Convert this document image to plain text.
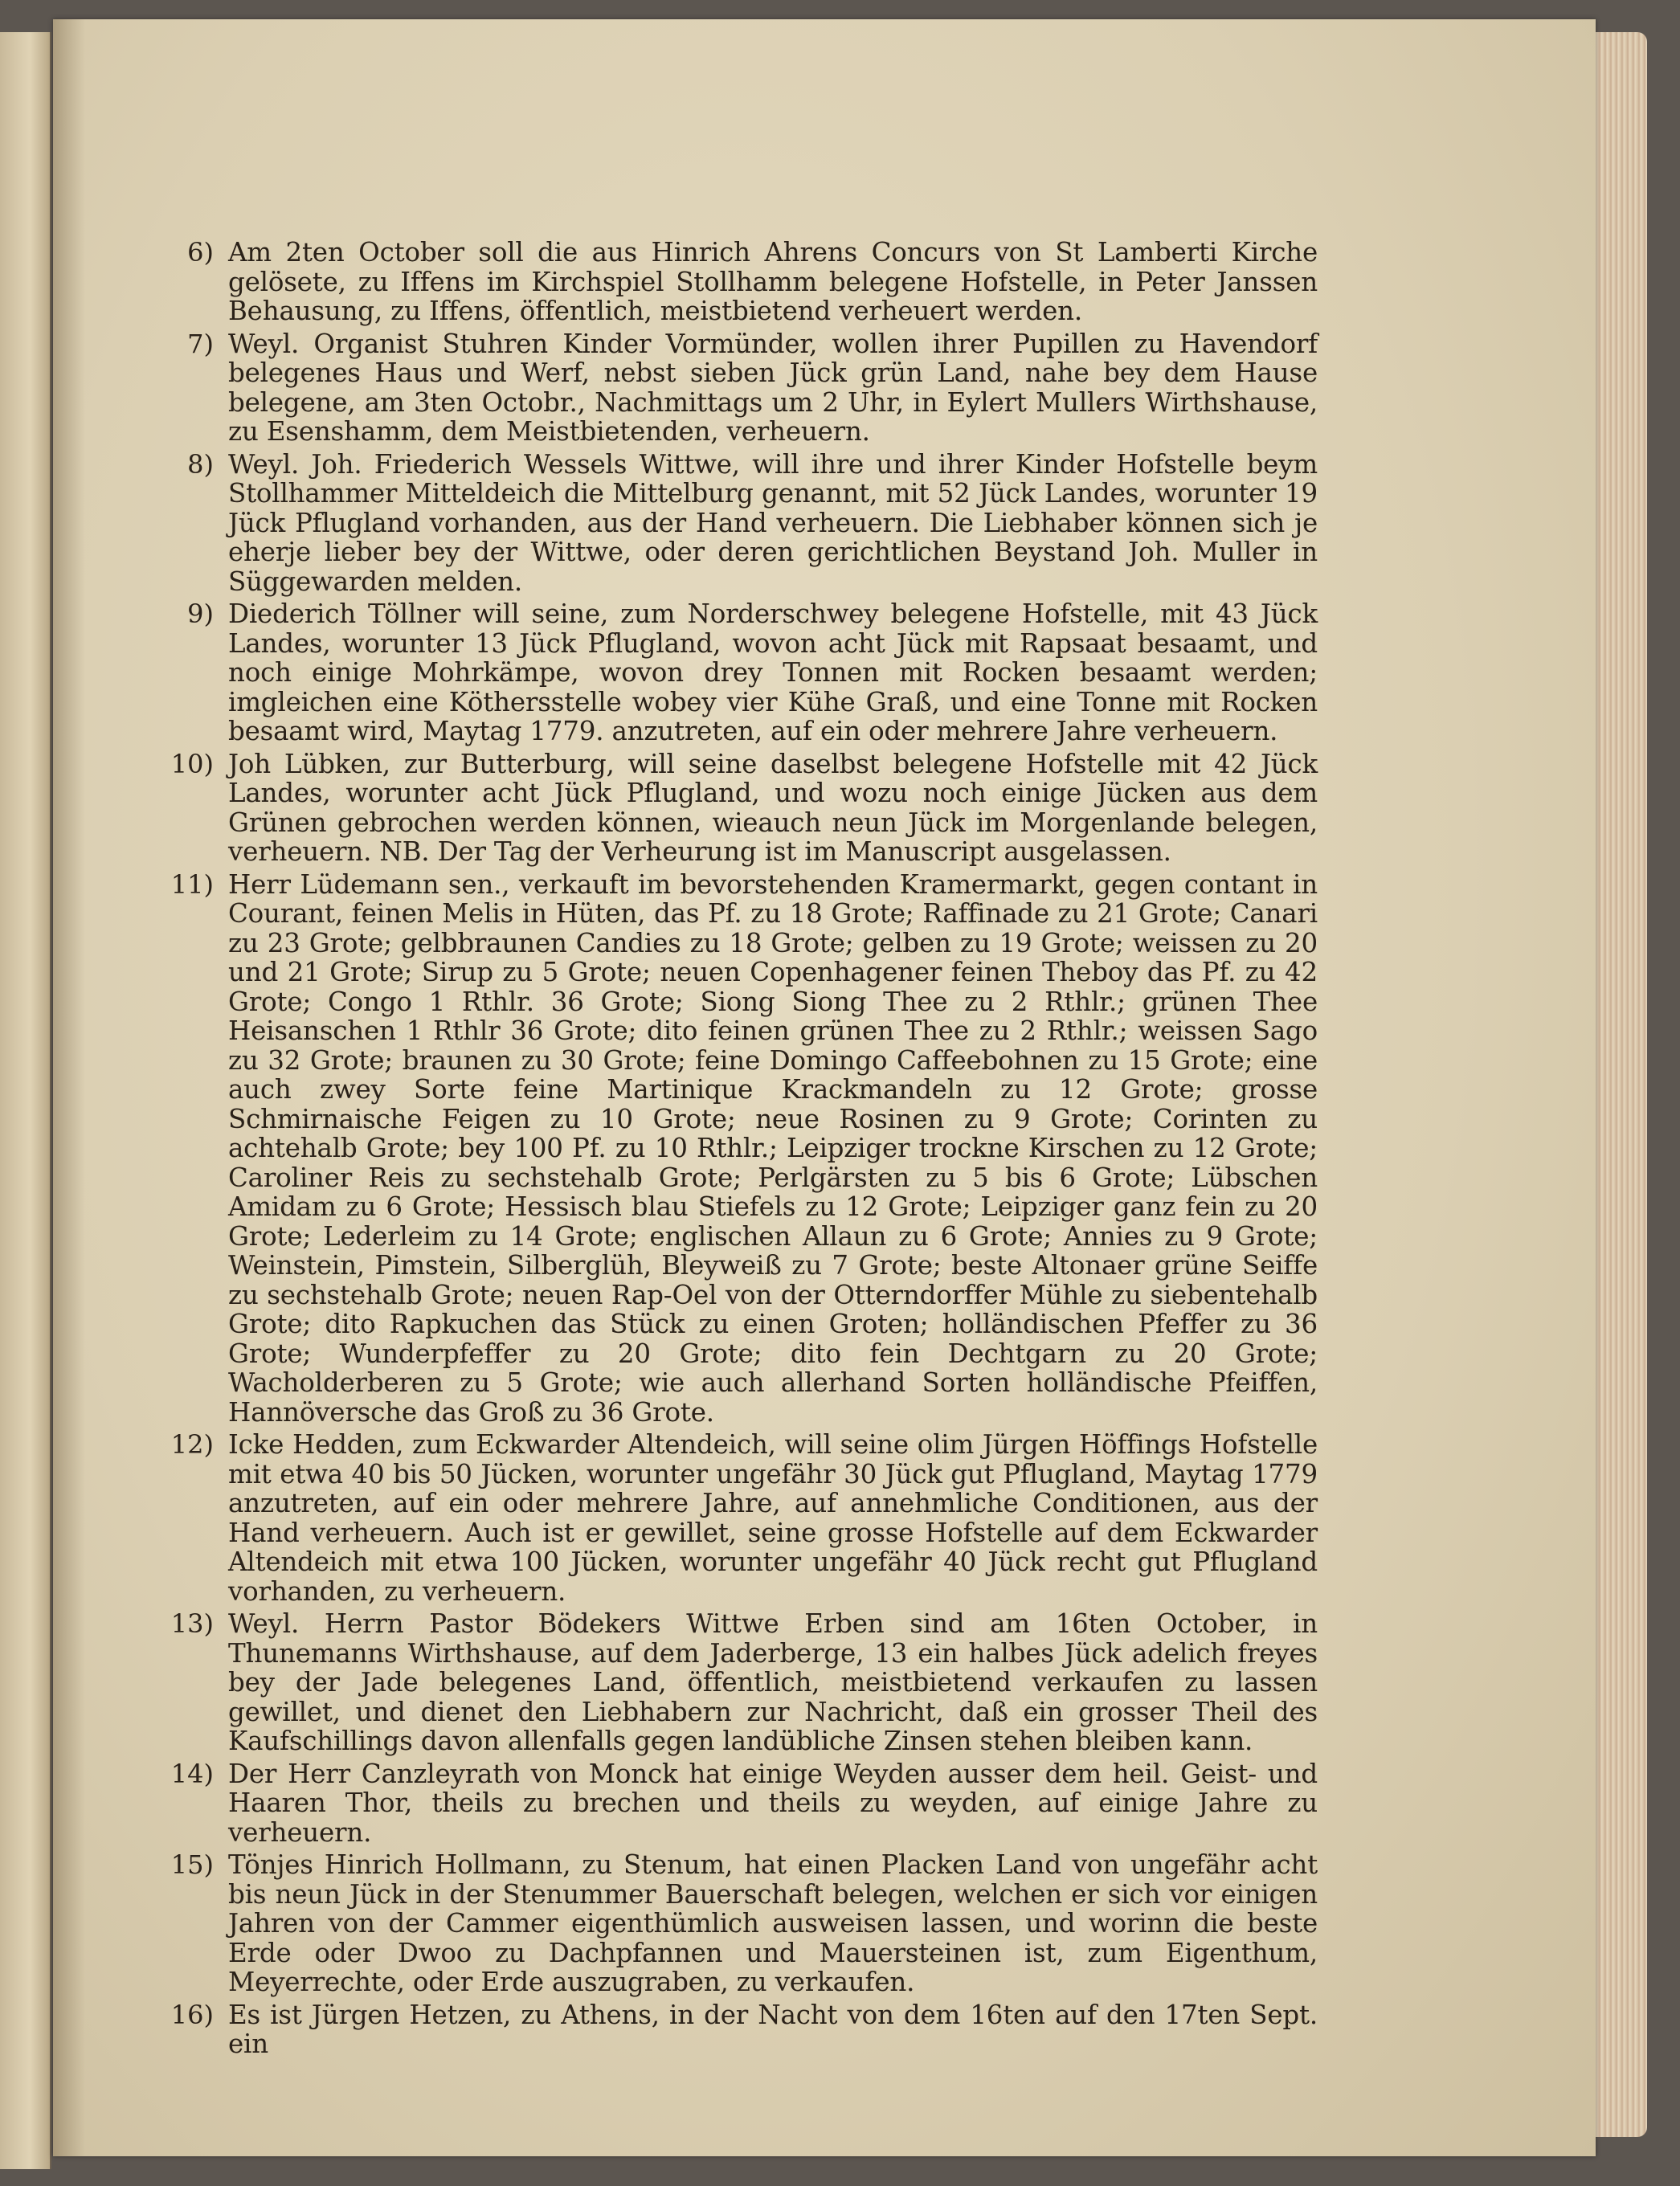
6) Am 2ten October soll die aus Hinrich Ahrens Concurs von St Lamberti Kirche gelösete, zu Iffens im Kirchspiel Stollhamm belegene Hofstelle, in Peter Janssen Behausung, zu Iffens, öffentlich, meistbietend verheuert werden.
7) Weyl. Organist Stuhren Kinder Vormünder, wollen ihrer Pupillen zu Havendorf belegenes Haus und Werf, nebst sieben Jück grün Land, nahe bey dem Hause belegene, am 3ten Octobr., Nachmittags um 2 Uhr, in Eylert Mullers Wirthshause, zu Esenshamm, dem Meistbietenden, verheuern.
8) Weyl. Joh. Friederich Wessels Wittwe, will ihre und ihrer Kinder Hofstelle beym Stollhammer Mitteldeich die Mittelburg genannt, mit 52 Jück Landes, worunter 19 Jück Pflugland vorhanden, aus der Hand verheuern. Die Liebhaber können sich je eherje lieber bey der Wittwe, oder deren gerichtlichen Beystand Joh. Muller in Süggewarden melden.
9) Diederich Töllner will seine, zum Norderschwey belegene Hofstelle, mit 43 Jück Landes, worunter 13 Jück Pflugland, wovon acht Jück mit Rapsaat besaamt, und noch einige Mohrkämpe, wovon drey Tonnen mit Rocken besaamt werden; imgleichen eine Köthersstelle wobey vier Kühe Graß, und eine Tonne mit Rocken besaamt wird, Maytag 1779. anzutreten, auf ein oder mehrere Jahre verheuern.
10) Joh Lübken, zur Butterburg, will seine daselbst belegene Hofstelle mit 42 Jück Landes, worunter acht Jück Pflugland, und wozu noch einige Jücken aus dem Grünen gebrochen werden können, wieauch neun Jück im Morgenlande belegen, verheuern. NB. Der Tag der Verheurung ist im Manuscript ausgelassen.
11) Herr Lüdemann sen., verkauft im bevorstehenden Kramermarkt, gegen contant in Courant, feinen Melis in Hüten, das Pf. zu 18 Grote; Raffinade zu 21 Grote; Canari zu 23 Grote; gelbbraunen Candies zu 18 Grote; gelben zu 19 Grote; weissen zu 20 und 21 Grote; Sirup zu 5 Grote; neuen Copenhagener feinen Theboy das Pf. zu 42 Grote; Congo 1 Rthlr. 36 Grote; Siong Siong Thee zu 2 Rthlr.; grünen Thee Heisanschen 1 Rthlr 36 Grote; dito feinen grünen Thee zu 2 Rthlr.; weissen Sago zu 32 Grote; braunen zu 30 Grote; feine Domingo Caffeebohnen zu 15 Grote; eine auch zwey Sorte feine Martinique Krackmandeln zu 12 Grote; grosse Schmirnaische Feigen zu 10 Grote; neue Rosinen zu 9 Grote; Corinten zu achtehalb Grote; bey 100 Pf. zu 10 Rthlr.; Leipziger trockne Kirschen zu 12 Grote; Caroliner Reis zu sechstehalb Grote; Perlgärsten zu 5 bis 6 Grote; Lübschen Amidam zu 6 Grote; Hessisch blau Stiefels zu 12 Grote; Leipziger ganz fein zu 20 Grote; Lederleim zu 14 Grote; englischen Allaun zu 6 Grote; Annies zu 9 Grote; Weinstein, Pimstein, Silberglüh, Bleyweiß zu 7 Grote; beste Altonaer grüne Seiffe zu sechstehalb Grote; neuen Rap-Oel von der Otterndorffer Mühle zu siebentehalb Grote; dito Rapkuchen das Stück zu einen Groten; holländischen Pfeffer zu 36 Grote; Wunderpfeffer zu 20 Grote; dito fein Dechtgarn zu 20 Grote; Wacholderberen zu 5 Grote; wie auch allerhand Sorten holländische Pfeiffen, Hannöversche das Groß zu 36 Grote.
12) Icke Hedden, zum Eckwarder Altendeich, will seine olim Jürgen Höffings Hofstelle mit etwa 40 bis 50 Jücken, worunter ungefähr 30 Jück gut Pflugland, Maytag 1779 anzutreten, auf ein oder mehrere Jahre, auf annehmliche Conditionen, aus der Hand verheuern. Auch ist er gewillet, seine grosse Hofstelle auf dem Eckwarder Altendeich mit etwa 100 Jücken, worunter ungefähr 40 Jück recht gut Pflugland vorhanden, zu verheuern.
13) Weyl. Herrn Pastor Bödekers Wittwe Erben sind am 16ten October, in Thunemanns Wirthshause, auf dem Jaderberge, 13 ein halbes Jück adelich freyes bey der Jade belegenes Land, öffentlich, meistbietend verkaufen zu lassen gewillet, und dienet den Liebhabern zur Nachricht, daß ein grosser Theil des Kaufschillings davon allenfalls gegen landübliche Zinsen stehen bleiben kann.
14) Der Herr Canzleyrath von Monck hat einige Weyden ausser dem heil. Geist- und Haaren Thor, theils zu brechen und theils zu weyden, auf einige Jahre zu verheuern.
15) Tönjes Hinrich Hollmann, zu Stenum, hat einen Placken Land von ungefähr acht bis neun Jück in der Stenummer Bauerschaft belegen, welchen er sich vor einigen Jahren von der Cammer eigenthümlich ausweisen lassen, und worinn die beste Erde oder Dwoo zu Dachpfannen und Mauersteinen ist, zum Eigenthum, Meyerrechte, oder Erde auszugraben, zu verkaufen.
16) Es ist Jürgen Hetzen, zu Athens, in der Nacht von dem 16ten auf den 17ten Sept. ein
